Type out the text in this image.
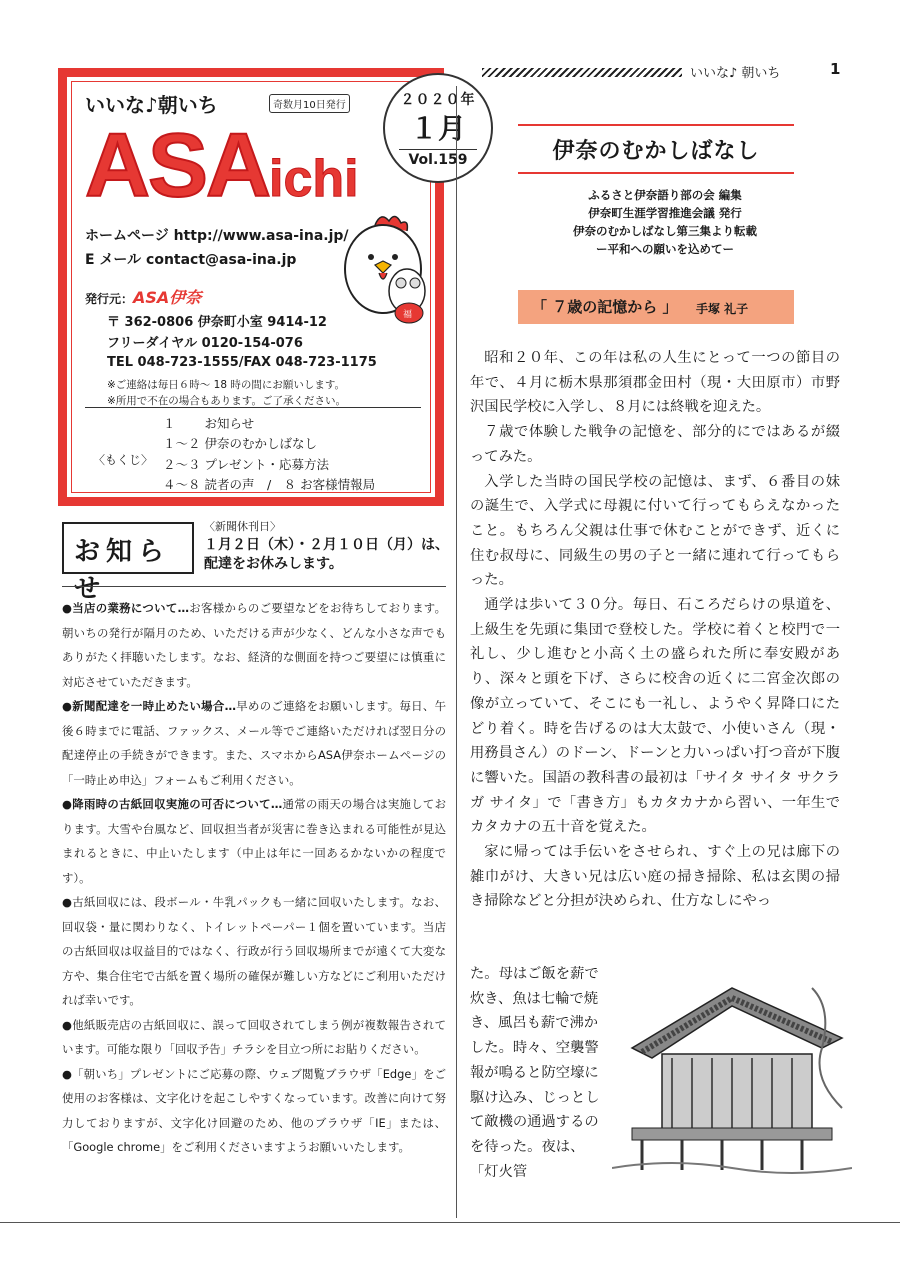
いいな♪ 朝いち	1
いいな♪朝いち	奇数月10日発行
ASAichi
２０２０年
１月
Vol.159
ホームページ http://www.asa-ina.jp/
E メール contact@asa-ina.jp
発行元：ASA伊奈
〒 362-0806 伊奈町小室 9414-12
フリーダイヤル 0120-154-076
TEL 048-723-1555/FAX 048-723-1175
※ご連絡は毎日６時～ 18 時の間にお願いします。
※所用で不在の場合もあります。ご了承ください。
福
〈もくじ〉
１　　 お知らせ
１～２ 伊奈のむかしばなし
２～３ プレゼント・応募方法
４～８ 読者の声　/　８ お客様情報局
お知らせ
〈新聞休刊日〉
１月２日（木）・２月１０日（月）は、
配達をお休みします。

●当店の業務について…お客様からのご要望などをお待ちしております。朝いちの発行が隔月のため、いただける声が少なく、どんな小さな声でもありがたく拝聴いたします。なお、経済的な側面を持つご要望には慎重に対応させていただきます。

●新聞配達を一時止めたい場合…早めのご連絡をお願いします。毎日、午後６時までに電話、ファックス、メール等でご連絡いただければ翌日分の配達停止の手続きができます。また、スマホからASA伊奈ホームページの「一時止め申込」フォームもご利用ください。

●降雨時の古紙回収実施の可否について…通常の雨天の場合は実施しております。大雪や台風など、回収担当者が災害に巻き込まれる可能性が見込まれるときに、中止いたします（中止は年に一回あるかないかの程度です）。

●古紙回収には、段ボール・牛乳パックも一緒に回収いたします。なお、回収袋・量に関わりなく、トイレットペーパー１個を置いています。当店の古紙回収は収益目的ではなく、行政が行う回収場所までが遠くて大変な方や、集合住宅で古紙を置く場所の確保が難しい方などにご利用いただければ幸いです。

●他紙販売店の古紙回収に、誤って回収されてしまう例が複数報告されています。可能な限り「回収予告」チラシを目立つ所にお貼りください。

●「朝いち」プレゼントにご応募の際、ウェブ閲覧ブラウザ「Edge」をご使用のお客様は、文字化けを起こしやすくなっています。改善に向けて努力しておりますが、文字化け回避のため、他のブラウザ「IE」または、「Google chrome」をご利用くださいますようお願いいたします。

伊奈のむかしばなし
ふるさと伊奈語り部の会 編集
伊奈町生涯学習推進会議 発行
伊奈のむかしばなし第三集より転載
ー平和への願いを込めてー
「 ７歳の記憶から 」 手塚 礼子

昭和２０年、この年は私の人生にとって一つの節目の年で、４月に栃木県那須郡金田村（現・大田原市）市野沢国民学校に入学し、８月には終戦を迎えた。

７歳で体験した戦争の記憶を、部分的にではあるが綴ってみた。

入学した当時の国民学校の記憶は、まず、６番目の妹の誕生で、入学式に母親に付いて行ってもらえなかったこと。もちろん父親は仕事で休むことができず、近くに住む叔母に、同級生の男の子と一緒に連れて行ってもらった。

通学は歩いて３０分。毎日、石ころだらけの県道を、上級生を先頭に集団で登校した。学校に着くと校門で一礼し、少し進むと小高く土の盛られた所に奉安殿があり、深々と頭を下げ、さらに校舎の近くに二宮金次郎の像が立っていて、そこにも一礼し、ようやく昇降口にたどり着く。時を告げるのは大太鼓で、小使いさん（現・用務員さん）のドーン、ドーンと力いっぱい打つ音が下腹に響いた。国語の教科書の最初は「サイタ サイタ サクラ ガ サイタ」で「書き方」もカタカナから習い、一年生でカタカナの五十音を覚えた。

家に帰っては手伝いをさせられ、すぐ上の兄は廊下の雑巾がけ、大きい兄は広い庭の掃き掃除、私は玄関の掃き掃除などと分担が決められ、仕方なしにやっ

た。母はご飯を薪で炊き、魚は七輪で焼き、風呂も薪で沸かした。時々、空襲警報が鳴ると防空壕に駆け込み、じっとして敵機の通過するのを待った。夜は、「灯火管
